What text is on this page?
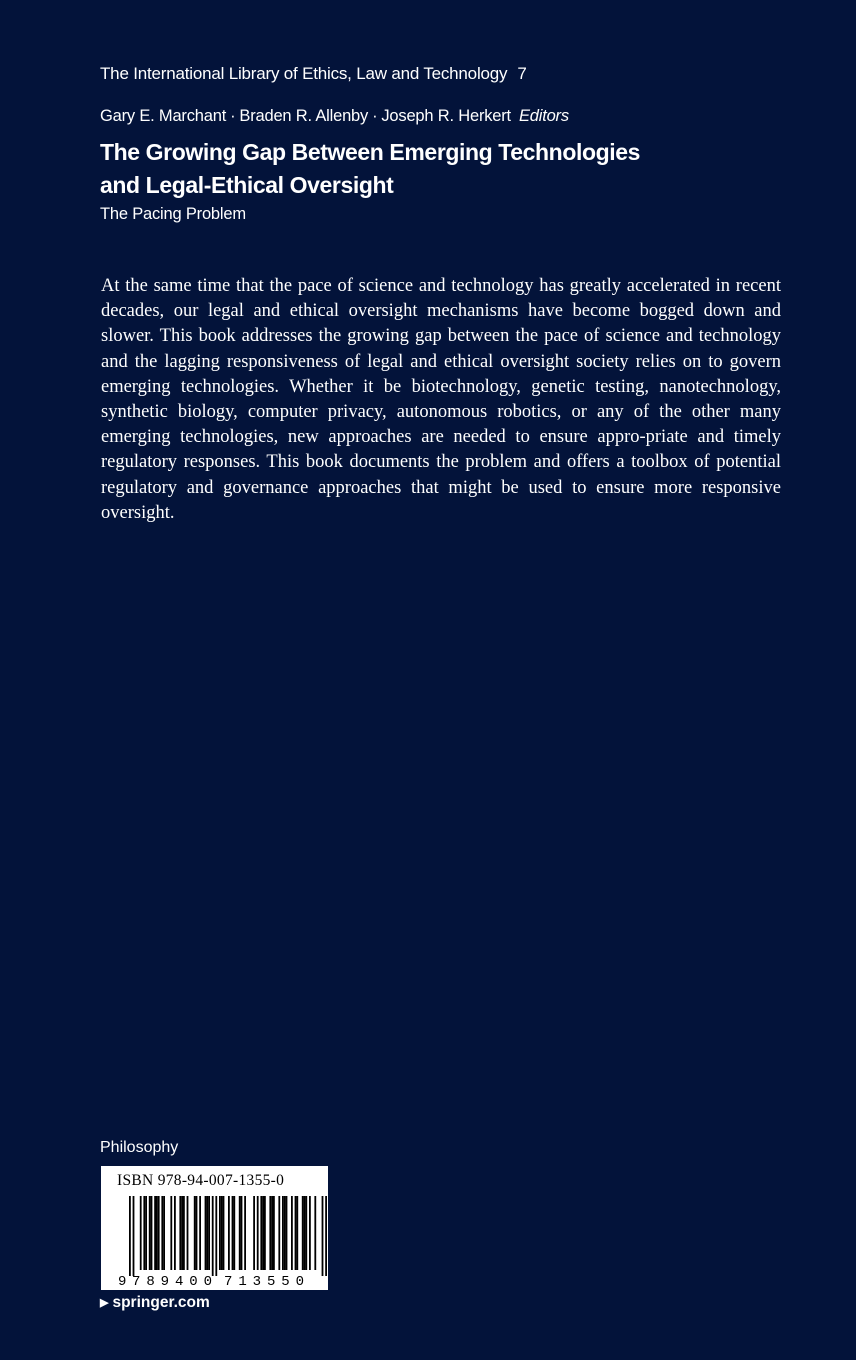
The International Library of Ethics, Law and Technology 7
Gary E. Marchant · Braden R. Allenby · Joseph R. Herkert Editors
The Growing Gap Between Emerging Technologies
and Legal-Ethical Oversight
The Pacing Problem

At the same time that the pace of science and technology has greatly accelerated in recent decades, our legal and ethical oversight mechanisms have become bogged down and slower. This book addresses the growing gap between the pace of science and technology and the lagging responsiveness of legal and ethical oversight society relies on to govern emerging technologies. Whether it be biotechnology, genetic testing, nanotechnology, synthetic biology, computer privacy, autonomous robotics, or any of the other many emerging technologies, new approaches are needed to ensure appro-priate and timely regulatory responses. This book documents the problem and offers a toolbox of potential regulatory and governance approaches that might be used to ensure more responsive oversight.

Philosophy
ISBN 978-94-007-1355-0
9 789400 713550
▶ springer.com
